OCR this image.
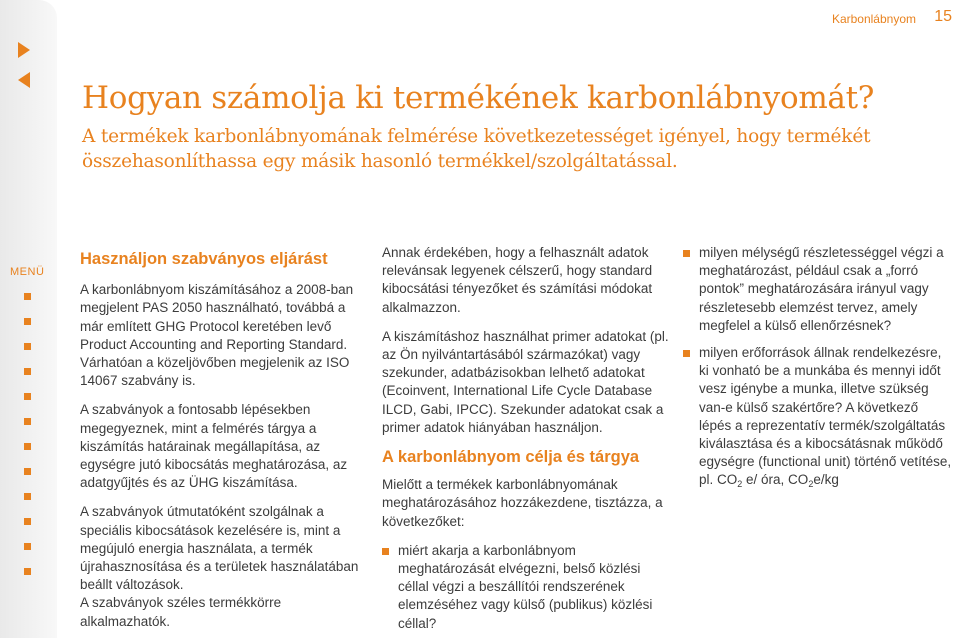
MENÜ
Karbonlábnyom 15
Hogyan számolja ki termékének karbonlábnyomát?

A termékek karbonlábnyomának felmérése következetességet igényel, hogy termékét összehasonlíthassa egy másik hasonló termékkel/szolgáltatással.

Használjon szabványos eljárást

A karbonlábnyom kiszámításához a 2008-ban megjelent PAS 2050 használható, továbbá a már említett GHG Protocol keretében levő Product Accounting and Reporting Standard. Várhatóan a közeljövőben megjelenik az ISO 14067 szabvány is.

A szabványok a fontosabb lépésekben megegyeznek, mint a felmérés tárgya a kiszámítás határainak megállapítása, az egységre jutó kibocsátás meghatározása, az adatgyűjtés és az ÜHG kiszámítása.

A szabványok útmutatóként szolgálnak a speciális kibocsátások kezelésére is, mint a megújuló energia használata, a termék újrahasznosítása és a területek használatában beállt változások.

A szabványok széles termékkörre alkalmazhatók.

Annak érdekében, hogy a felhasznált adatok relevánsak legyenek célszerű, hogy standard kibocsátási tényezőket és számítási módokat alkalmazzon.

A kiszámításhoz használhat primer adatokat (pl. az Ön nyilvántartásából származókat) vagy szekunder, adatbázisokban lelhető adatokat (Ecoinvent, International Life Cycle Database ILCD, Gabi, IPCC). Szekunder adatokat csak a primer adatok hiányában használjon.

A karbonlábnyom célja és tárgya

Mielőtt a termékek karbonlábnyomának meghatározásához hozzákezdene, tisztázza, a következőket:

miért akarja a karbonlábnyom meghatározását elvégezni, belső közlési céllal végzi a beszállítói rendszerének elemzéséhez vagy külső (publikus) közlési céllal?
milyen mélységű részletességgel végzi a meghatározást, például csak a „forró pontok” meghatározására irányul vagy részletesebb elemzést tervez, amely megfelel a külső ellenőrzésnek?
milyen erőforrások állnak rendelkezésre, ki vonható be a munkába és mennyi időt vesz igénybe a munka, illetve szükség van-e külső szakértőre? A következő lépés a reprezentatív termék/szolgáltatás kiválasztása és a kibocsátásnak működő egységre (functional unit) történő vetítése, pl. $CO_2$ e/ óra, $CO_2e/kg$
